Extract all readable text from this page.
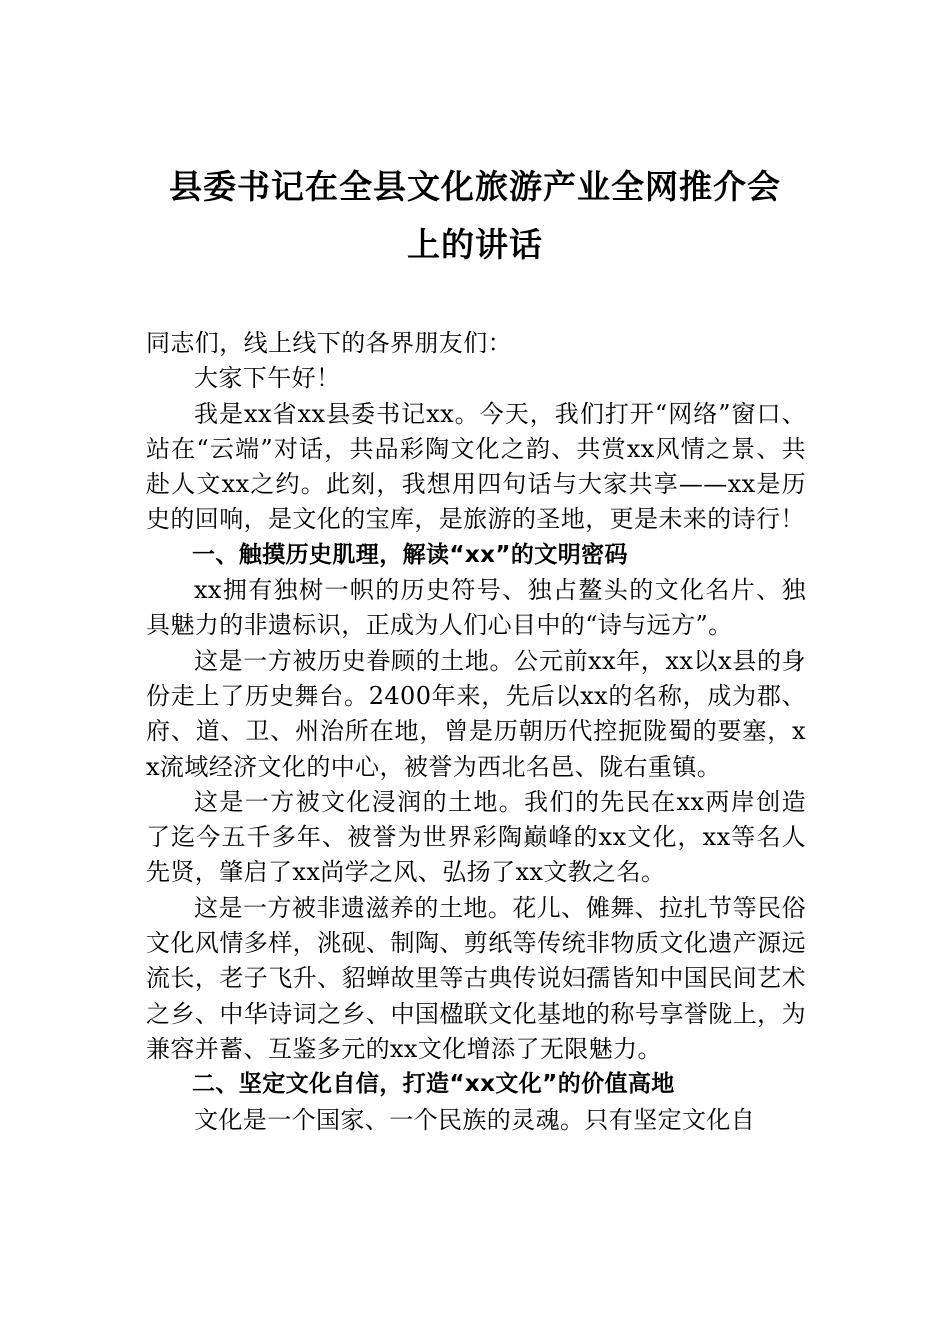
县委书记在全县文化旅游产业全网推介会
上的讲话

同志们，线上线下的各界朋友们：

大家下午好！

我是xx省xx县委书记xx。今天，我们打开“网络”窗口、站在“云端”对话，共品彩陶文化之韵、共赏xx风情之景、共赴人文xx之约。此刻，我想用四句话与大家共享——xx是历史的回响，是文化的宝库，是旅游的圣地，更是未来的诗行！

一、触摸历史肌理，解读“xx”的文明密码

xx拥有独树一帜的历史符号、独占鳌头的文化名片、独具魅力的非遗标识，正成为人们心目中的“诗与远方”。

这是一方被历史眷顾的土地。公元前xx年，xx以x县的身份走上了历史舞台。2400年来，先后以xx的名称，成为郡、府、道、卫、州治所在地，曾是历朝历代控扼陇蜀的要塞，xx流域经济文化的中心，被誉为西北名邑、陇右重镇。

这是一方被文化浸润的土地。我们的先民在xx两岸创造了迄今五千多年、被誉为世界彩陶巅峰的xx文化，xx等名人先贤，肇启了xx尚学之风、弘扬了xx文教之名。

这是一方被非遗滋养的土地。花儿、傩舞、拉扎节等民俗文化风情多样，洮砚、制陶、剪纸等传统非物质文化遗产源远流长，老子飞升、貂蝉故里等古典传说妇孺皆知中国民间艺术之乡、中华诗词之乡、中国楹联文化基地的称号享誉陇上，为兼容并蓄、互鉴多元的xx文化增添了无限魅力。

二、坚定文化自信，打造“xx文化”的价值高地

文化是一个国家、一个民族的灵魂。只有坚定文化自
